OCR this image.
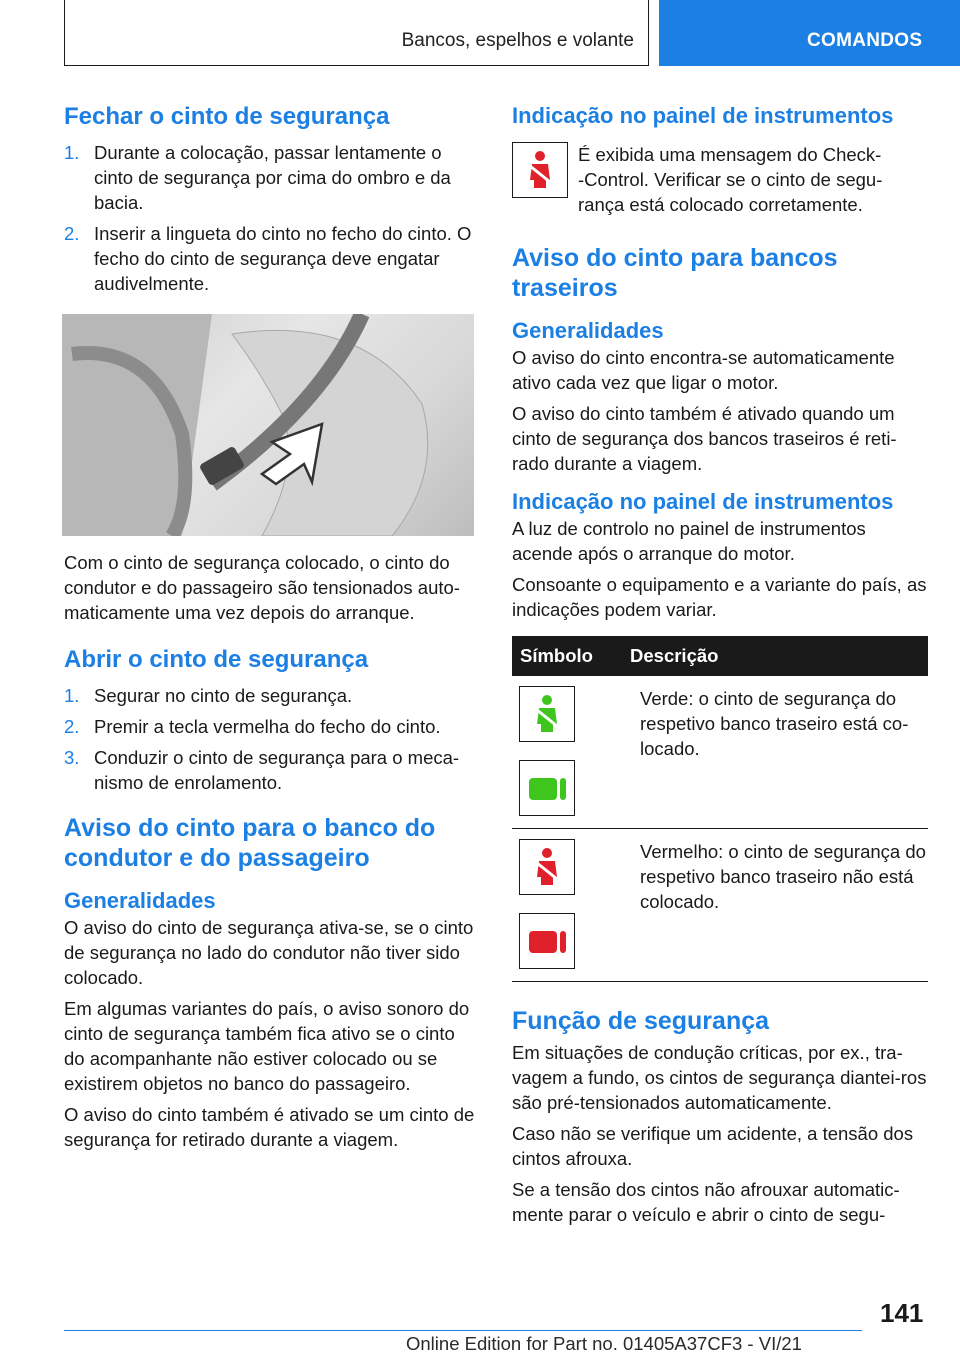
Bancos, espelhos e volante	COMANDOS
Fechar o cinto de segurança
1. Durante a colocação, passar lentamente o cinto de segurança por cima do ombro e da bacia.
2. Inserir a lingueta do cinto no fecho do cinto. O fecho do cinto de segurança deve engatar audivelmente.

Com o cinto de segurança colocado, o cinto do condutor e do passageiro são tensionados auto-maticamente uma vez depois do arranque.

Abrir o cinto de segurança
1. Segurar no cinto de segurança.
2. Premir a tecla vermelha do fecho do cinto.
3. Conduzir o cinto de segurança para o meca-nismo de enrolamento.
Aviso do cinto para o banco do condutor e do passageiro
Generalidades

O aviso do cinto de segurança ativa-se, se o cinto de segurança no lado do condutor não tiver sido colocado.

Em algumas variantes do país, o aviso sonoro do cinto de segurança também fica ativo se o cinto do acompanhante não estiver colocado ou se existirem objetos no banco do passageiro.

O aviso do cinto também é ativado se um cinto de segurança for retirado durante a viagem.

Indicação no painel de instrumentos

É exibida uma mensagem do Check-
-Control. Verificar se o cinto de segu-rança está colocado corretamente.

Aviso do cinto para bancos traseiros
Generalidades

O aviso do cinto encontra-se automaticamente ativo cada vez que ligar o motor.

O aviso do cinto também é ativado quando um cinto de segurança dos bancos traseiros é reti-rado durante a viagem.

Indicação no painel de instrumentos

A luz de controlo no painel de instrumentos acende após o arranque do motor.

Consoante o equipamento e a variante do país, as indicações podem variar.

Símbolo	Descrição
Verde: o cinto de segurança do respetivo banco traseiro está co-locado.
Vermelho: o cinto de segurança do respetivo banco traseiro não está colocado.
Função de segurança

Em situações de condução críticas, por ex., tra-vagem a fundo, os cintos de segurança diantei-ros são pré-tensionados automaticamente.

Caso não se verifique um acidente, a tensão dos cintos afrouxa.

Se a tensão dos cintos não afrouxar automatic-mente parar o veículo e abrir o cinto de segu-

141
Online Edition for Part no. 01405A37CF3 - VI/21
